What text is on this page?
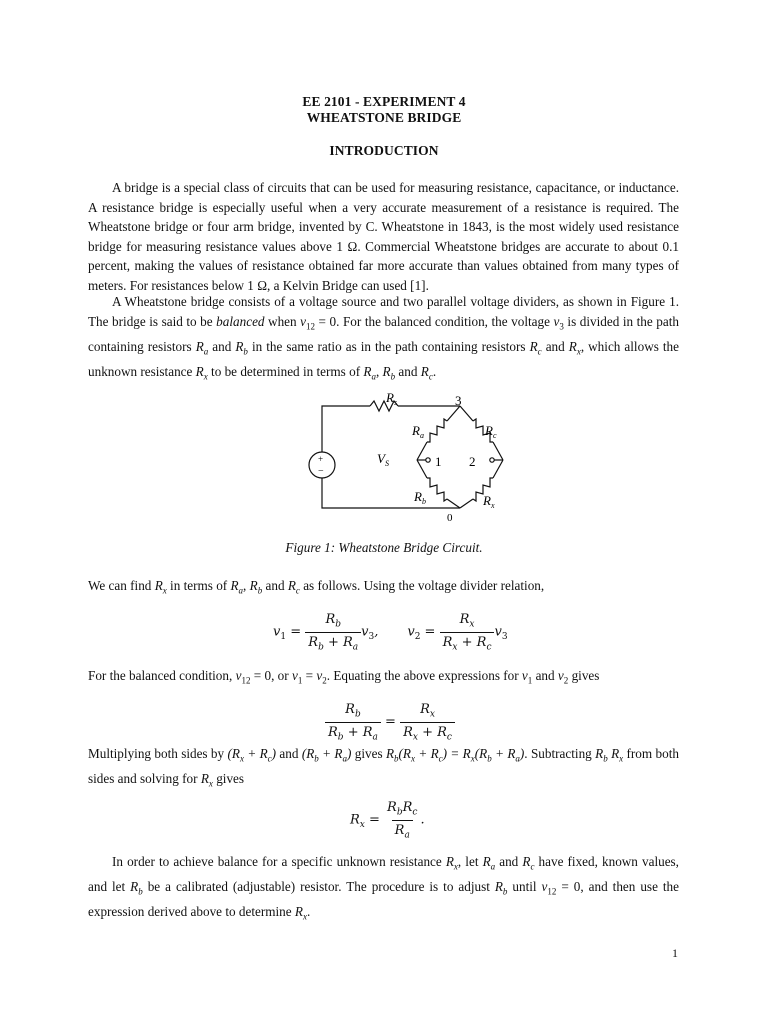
EE 2101 - EXPERIMENT 4
WHEATSTONE BRIDGE
INTRODUCTION

A bridge is a special class of circuits that can be used for measuring resistance, capacitance, or inductance. A resistance bridge is especially useful when a very accurate measurement of a resistance is required. The Wheatstone bridge or four arm bridge, invented by C. Wheatstone in 1843, is the most widely used resistance bridge for measuring resistance values above 1 Ω. Commercial Wheatstone bridges are accurate to about 0.1 percent, making the values of resistance obtained far more accurate than values obtained from many types of meters. For resistances below 1 Ω, a Kelvin Bridge can used [1].

A Wheatstone bridge consists of a voltage source and two parallel voltage dividers, as shown in Figure 1. The bridge is said to be balanced when $v_{12} = 0$. For the balanced condition, the voltage $v_3$ is divided in the path containing resistors $R_a$ and $R_b$ in the same ratio as in the path containing resistors $R_c$ and $R_x$, which allows the unknown resistance $R_x$ to be determined in terms of $R_a$, $R_b$ and $R_c$.

+
−
$R_s$	3
$R_a$	$R_c$
$V_S$	1 2
$R_b$	$R_x$
0
Figure 1: Wheatstone Bridge Circuit.

We can find $R_x$ in terms of $R_a$, $R_b$ and $R_c$ as follows. Using the voltage divider relation,

$v_1 = \frac{R_b}{R_b + R_a} v_3$,       $v_2 = \frac{R_x}{R_x + R_c} v_3$

For the balanced condition, $v_{12} = 0$, or $v_1 = v_2$. Equating the above expressions for $v_1$ and $v_2$ gives

$\frac{R_b}{R_b + R_a} = \frac{R_x}{R_x + R_c}$

Multiplying both sides by $(R_x + R_c)$ and $(R_b + R_a)$ gives $R_b(R_x + R_c) = R_x(R_b + R_a)$. Subtracting $R_b$ $R_x$ from both sides and solving for $R_x$ gives

$R_x = \frac{R_bR_c}{R_a}$ .

In order to achieve balance for a specific unknown resistance $R_x$, let $R_a$ and $R_c$ have fixed, known values, and let $R_b$ be a calibrated (adjustable) resistor. The procedure is to adjust $R_b$ until $v_{12} = 0$, and then use the expression derived above to determine $R_x$.

1
